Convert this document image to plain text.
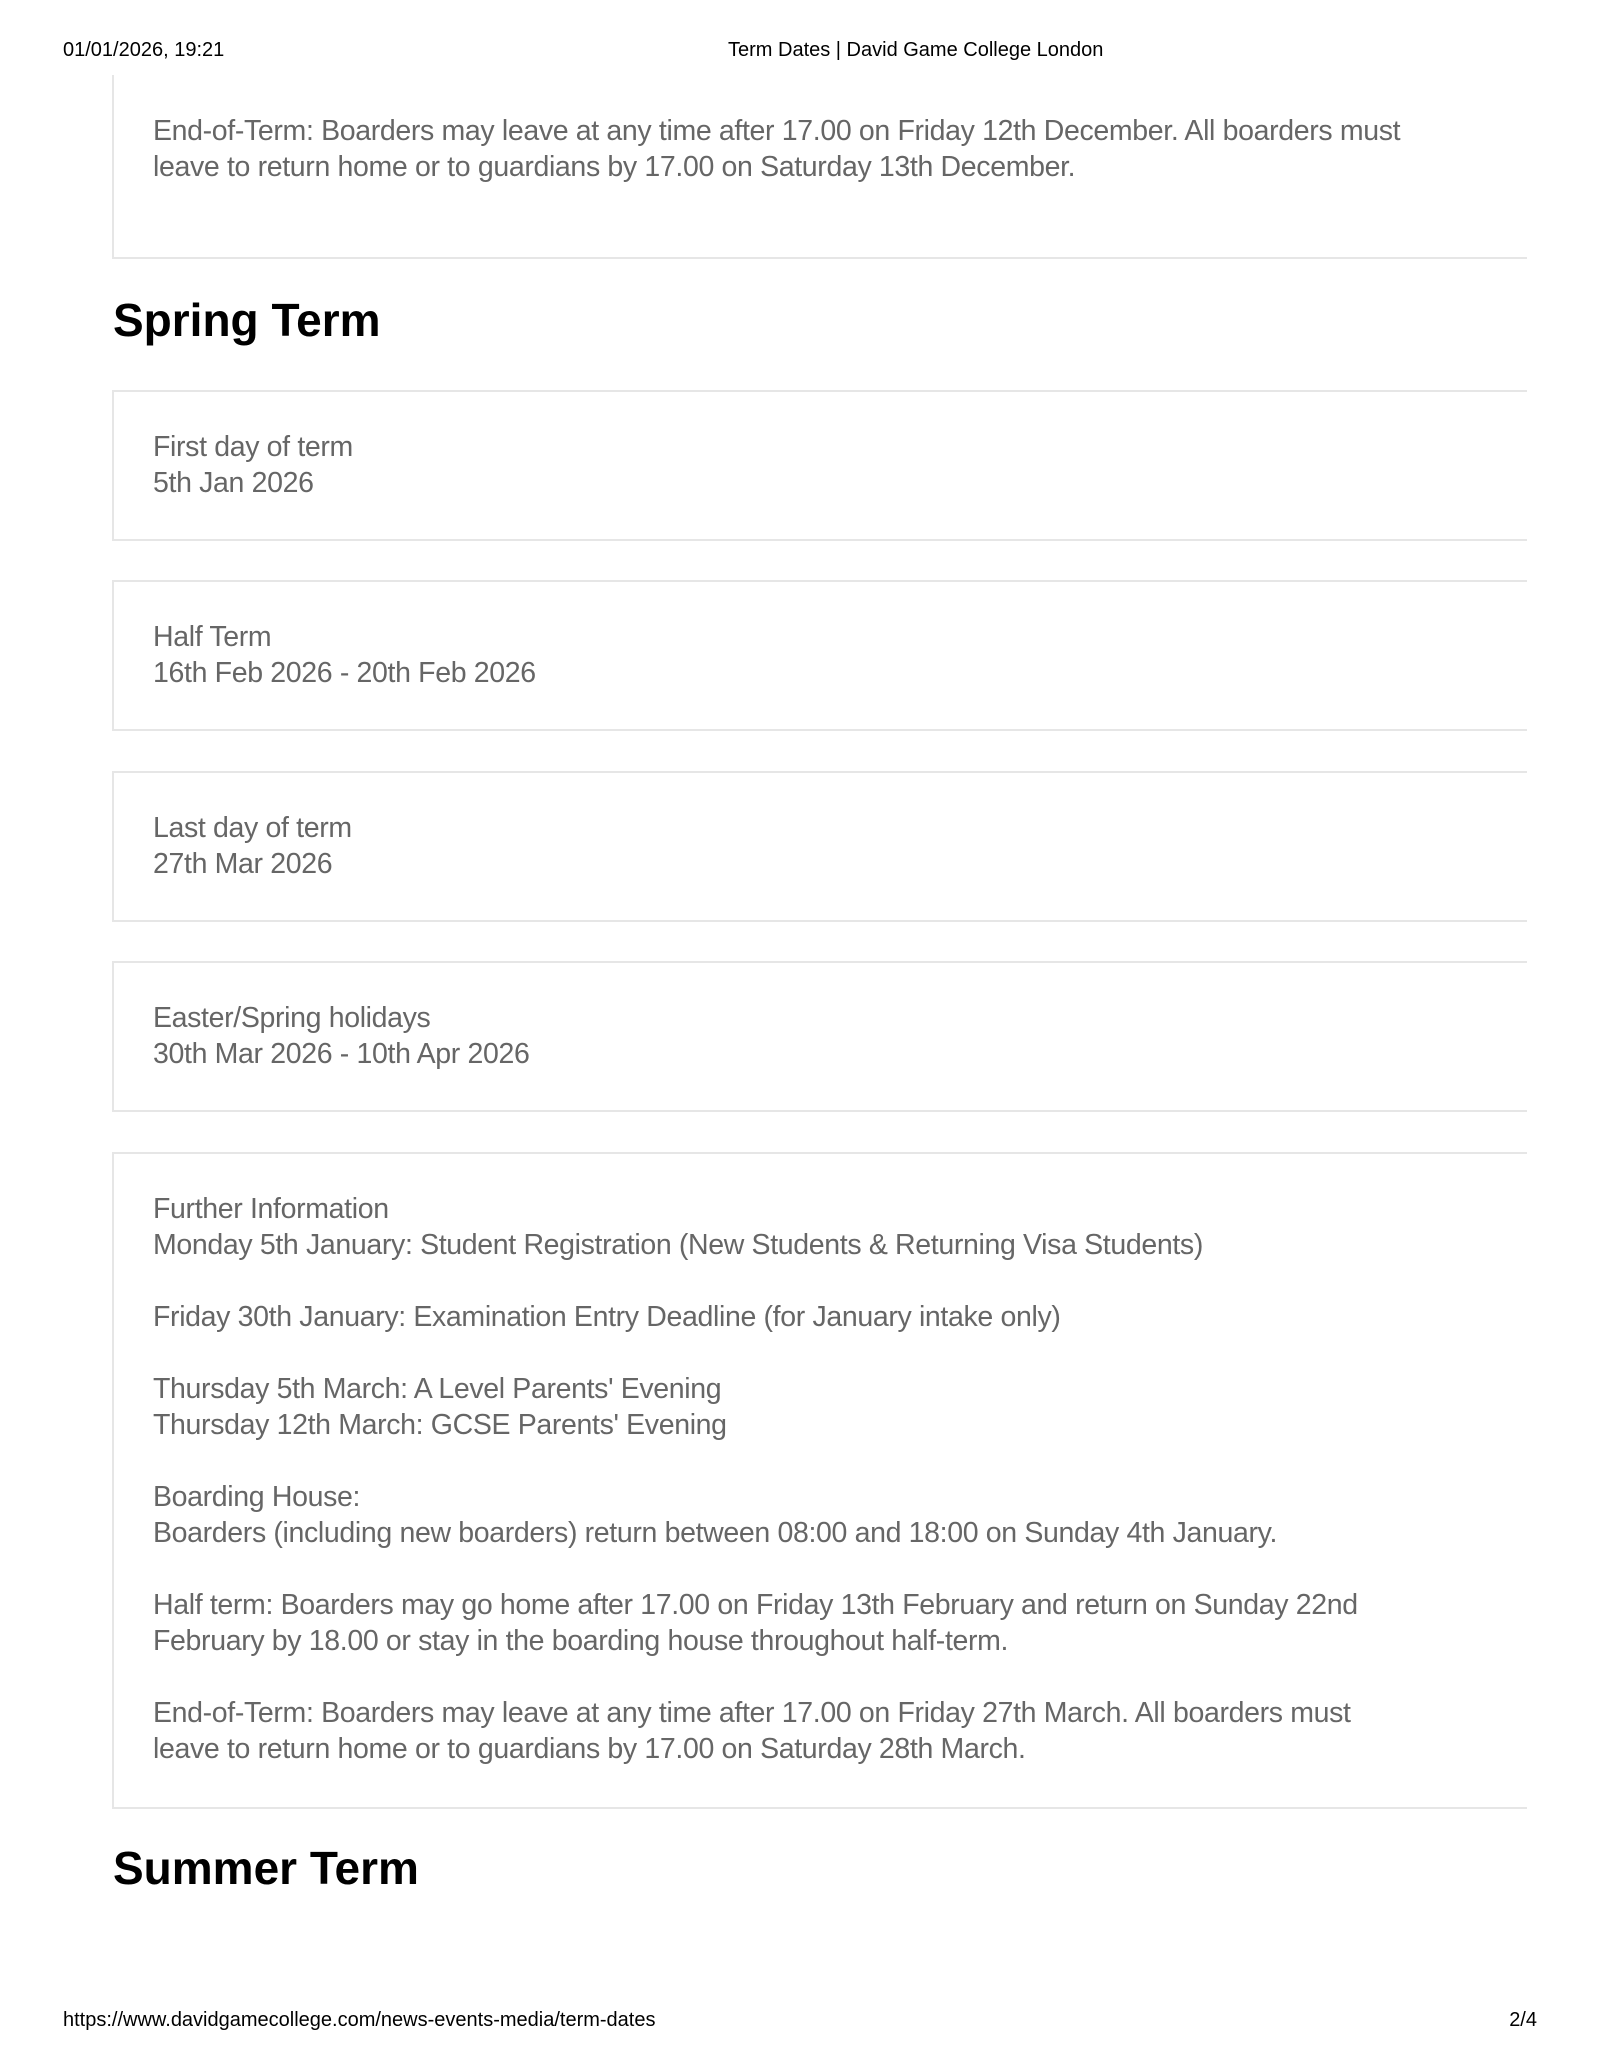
01/01/2026, 19:21	Term Dates | David Game College London
End-of-Term: Boarders may leave at any time after 17.00 on Friday 12th December. All boarders must
leave to return home or to guardians by 17.00 on Saturday 13th December.
Spring Term
First day of term
5th Jan 2026
Half Term
16th Feb 2026 - 20th Feb 2026
Last day of term
27th Mar 2026
Easter/Spring holidays
30th Mar 2026 - 10th Apr 2026
Further Information
Monday 5th January: Student Registration (New Students & Returning Visa Students)
Friday 30th January: Examination Entry Deadline (for January intake only)
Thursday 5th March: A Level Parents' Evening
Thursday 12th March: GCSE Parents' Evening
Boarding House:
Boarders (including new boarders) return between 08:00 and 18:00 on Sunday 4th January.
Half term: Boarders may go home after 17.00 on Friday 13th February and return on Sunday 22nd
February by 18.00 or stay in the boarding house throughout half-term.
End-of-Term: Boarders may leave at any time after 17.00 on Friday 27th March. All boarders must
leave to return home or to guardians by 17.00 on Saturday 28th March.
Summer Term
https://www.davidgamecollege.com/news-events-media/term-dates	2/4
